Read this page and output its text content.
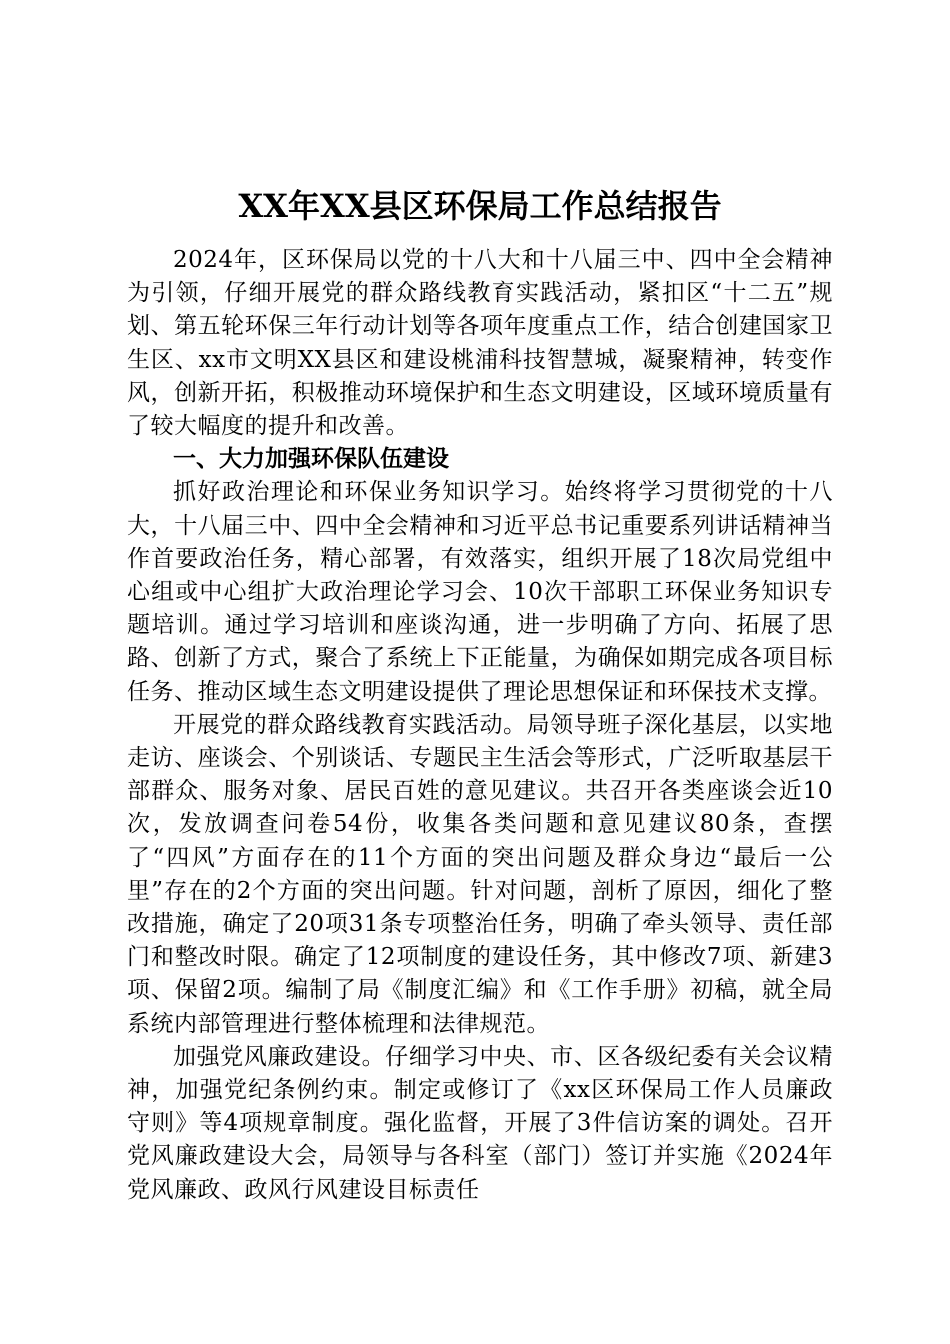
XX年XX县区环保局工作总结报告

2024年，区环保局以党的十八大和十八届三中、四中全会精神为引领，仔细开展党的群众路线教育实践活动，紧扣区“十二五”规划、第五轮环保三年行动计划等各项年度重点工作，结合创建国家卫生区、xx市文明XX县区和建设桃浦科技智慧城，凝聚精神，转变作风，创新开拓，积极推动环境保护和生态文明建设，区域环境质量有了较大幅度的提升和改善。

一、大力加强环保队伍建设

抓好政治理论和环保业务知识学习。始终将学习贯彻党的十八大，十八届三中、四中全会精神和习近平总书记重要系列讲话精神当作首要政治任务，精心部署，有效落实，组织开展了18次局党组中心组或中心组扩大政治理论学习会、10次干部职工环保业务知识专题培训。通过学习培训和座谈沟通，进一步明确了方向、拓展了思路、创新了方式，聚合了系统上下正能量，为确保如期完成各项目标任务、推动区域生态文明建设提供了理论思想保证和环保技术支撑。

开展党的群众路线教育实践活动。局领导班子深化基层，以实地走访、座谈会、个别谈话、专题民主生活会等形式，广泛听取基层干部群众、服务对象、居民百姓的意见建议。共召开各类座谈会近10次，发放调查问卷54份，收集各类问题和意见建议80条，查摆了“四风”方面存在的11个方面的突出问题及群众身边“最后一公里”存在的2个方面的突出问题。针对问题，剖析了原因，细化了整改措施，确定了20项31条专项整治任务，明确了牵头领导、责任部门和整改时限。确定了12项制度的建设任务，其中修改7项、新建3项、保留2项。编制了局《制度汇编》和《工作手册》初稿，就全局系统内部管理进行整体梳理和法律规范。

加强党风廉政建设。仔细学习中央、市、区各级纪委有关会议精神，加强党纪条例约束。制定或修订了《xx区环保局工作人员廉政守则》等4项规章制度。强化监督，开展了3件信访案的调处。召开党风廉政建设大会，局领导与各科室（部门）签订并实施《2024年党风廉政、政风行风建设目标责任
